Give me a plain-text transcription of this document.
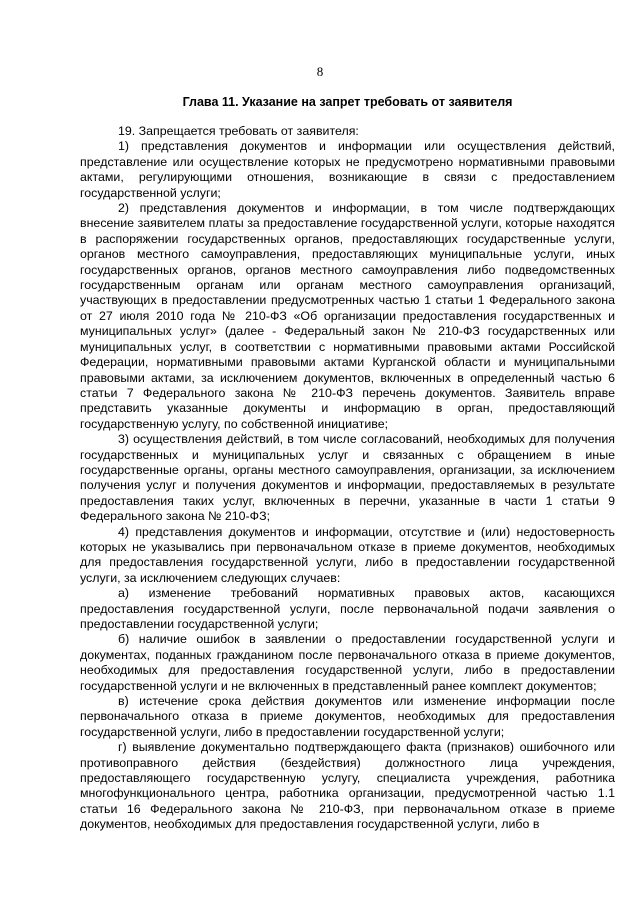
8
Глава 11. Указание на запрет требовать от заявителя

19. Запрещается требовать от заявителя:

1) представления документов и информации или осуществления действий, представление или осуществление которых не предусмотрено нормативными правовыми актами, регулирующими отношения, возникающие в связи с предоставлением государственной услуги;

2) представления документов и информации, в том числе подтверждающих внесение заявителем платы за предоставление государственной услуги, которые находятся в распоряжении государственных органов, предоставляющих государственные услуги, органов местного самоуправления, предоставляющих муниципальные услуги, иных государственных органов, органов местного самоуправления либо подведомственных государственным органам или органам местного самоуправления организаций, участвующих в предоставлении предусмотренных частью 1 статьи 1 Федерального закона от 27 июля 2010 года № 210-ФЗ «Об организации предоставления государственных и муниципальных услуг» (далее - Федеральный закон № 210-ФЗ государственных или муниципальных услуг, в соответствии с нормативными правовыми актами Российской Федерации, нормативными правовыми актами Курганской области и муниципальными правовыми актами, за исключением документов, включенных в определенный частью 6 статьи 7 Федерального закона № 210-ФЗ перечень документов. Заявитель вправе представить указанные документы и информацию в орган, предоставляющий государственную услугу, по собственной инициативе;

3) осуществления действий, в том числе согласований, необходимых для получения государственных и муниципальных услуг и связанных с обращением в иные государственные органы, органы местного самоуправления, организации, за исключением получения услуг и получения документов и информации, предоставляемых в результате предоставления таких услуг, включенных в перечни, указанные в части 1 статьи 9 Федерального закона № 210-ФЗ;

4) представления документов и информации, отсутствие и (или) недостоверность которых не указывались при первоначальном отказе в приеме документов, необходимых для предоставления государственной услуги, либо в предоставлении государственной услуги, за исключением следующих случаев:

а) изменение требований нормативных правовых актов, касающихся предоставления государственной услуги, после первоначальной подачи заявления о предоставлении государственной услуги;

б) наличие ошибок в заявлении о предоставлении государственной услуги и документах, поданных гражданином после первоначального отказа в приеме документов, необходимых для предоставления государственной услуги, либо в предоставлении государственной услуги и не включенных в представленный ранее комплект документов;

в) истечение срока действия документов или изменение информации после первоначального отказа в приеме документов, необходимых для предоставления государственной услуги, либо в предоставлении государственной услуги;

г) выявление документально подтверждающего факта (признаков) ошибочного или противоправного действия (бездействия) должностного лица учреждения, предоставляющего государственную услугу, специалиста учреждения, работника многофункционального центра, работника организации, предусмотренной частью 1.1 статьи 16 Федерального закона № 210-ФЗ, при первоначальном отказе в приеме документов, необходимых для предоставления государственной услуги, либо в
